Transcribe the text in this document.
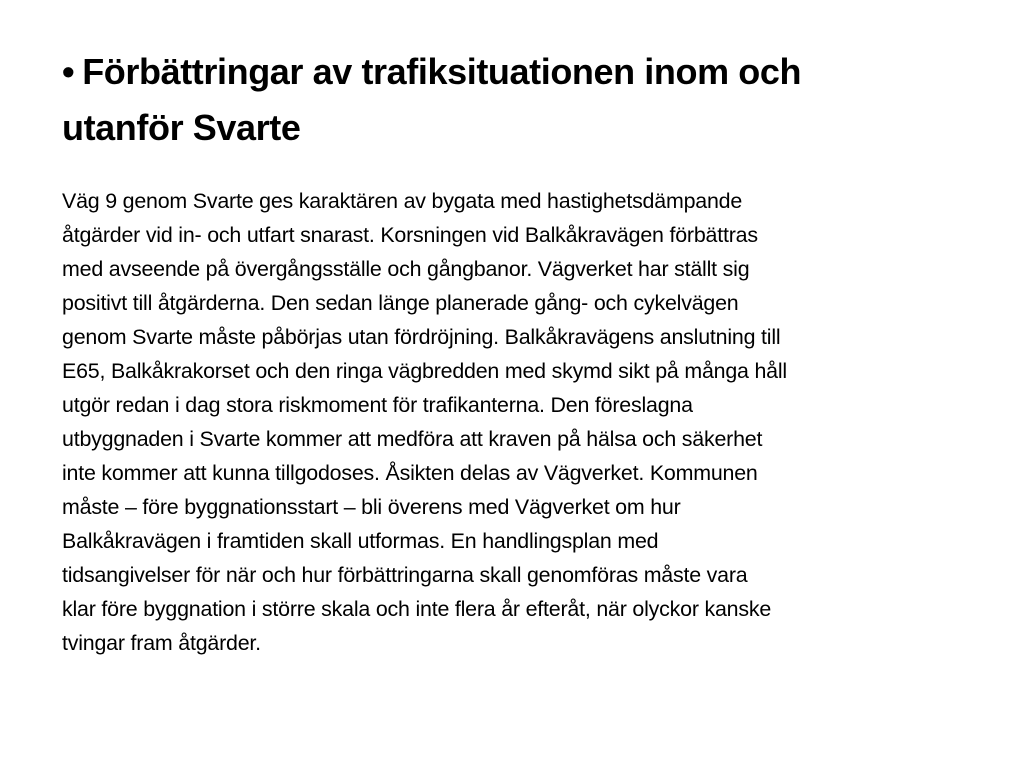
• Förbättringar av trafiksituationen inom och
utanför Svarte
Väg 9 genom Svarte ges karaktären av bygata med hastighetsdämpande
åtgärder vid in- och utfart snarast. Korsningen vid Balkåkravägen förbättras
med avseende på övergångsställe och gångbanor. Vägverket har ställt sig
positivt till åtgärderna. Den sedan länge planerade gång- och cykelvägen
genom Svarte måste påbörjas utan fördröjning. Balkåkravägens anslutning till
E65, Balkåkrakorset och den ringa vägbredden med skymd sikt på många håll
utgör redan i dag stora riskmoment för trafikanterna. Den föreslagna
utbyggnaden i Svarte kommer att medföra att kraven på hälsa och säkerhet
inte kommer att kunna tillgodoses. Åsikten delas av Vägverket. Kommunen
måste – före byggnationsstart – bli överens med Vägverket om hur
Balkåkravägen i framtiden skall utformas. En handlingsplan med
tidsangivelser för när och hur förbättringarna skall genomföras måste vara
klar före byggnation i större skala och inte flera år efteråt, när olyckor kanske
tvingar fram åtgärder.
